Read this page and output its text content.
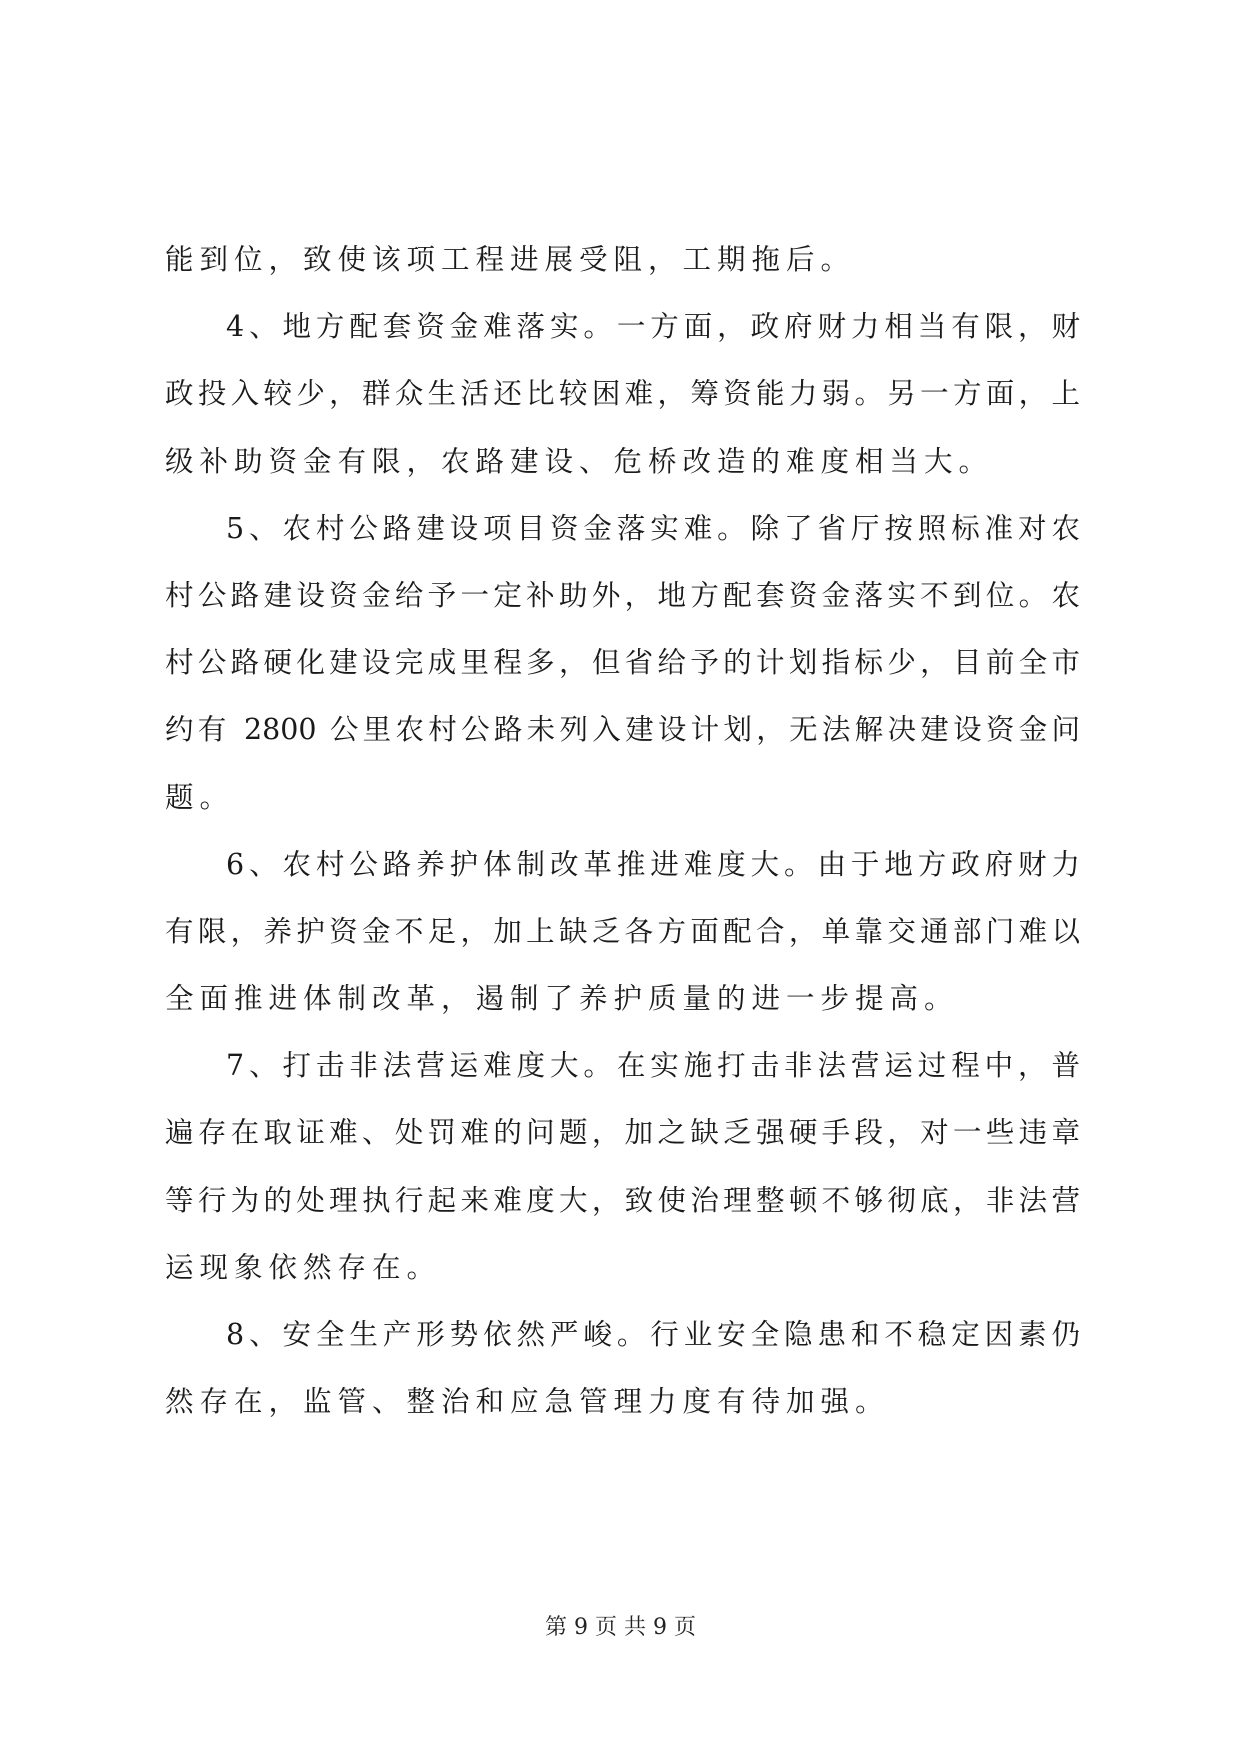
能到位，致使该项工程进展受阻，工期拖后。
4、地方配套资金难落实。一方面，政府财力相当有限，财
政投入较少，群众生活还比较困难，筹资能力弱。另一方面，上
级补助资金有限，农路建设、危桥改造的难度相当大。
5、农村公路建设项目资金落实难。除了省厅按照标准对农
村公路建设资金给予一定补助外，地方配套资金落实不到位。农
村公路硬化建设完成里程多，但省给予的计划指标少，目前全市
约有 2800 公里农村公路未列入建设计划，无法解决建设资金问
题。
6、农村公路养护体制改革推进难度大。由于地方政府财力
有限，养护资金不足，加上缺乏各方面配合，单靠交通部门难以
全面推进体制改革，遏制了养护质量的进一步提高。
7、打击非法营运难度大。在实施打击非法营运过程中，普
遍存在取证难、处罚难的问题，加之缺乏强硬手段，对一些违章
等行为的处理执行起来难度大，致使治理整顿不够彻底，非法营
运现象依然存在。
8、安全生产形势依然严峻。行业安全隐患和不稳定因素仍
然存在，监管、整治和应急管理力度有待加强。
第 9 页 共 9 页
